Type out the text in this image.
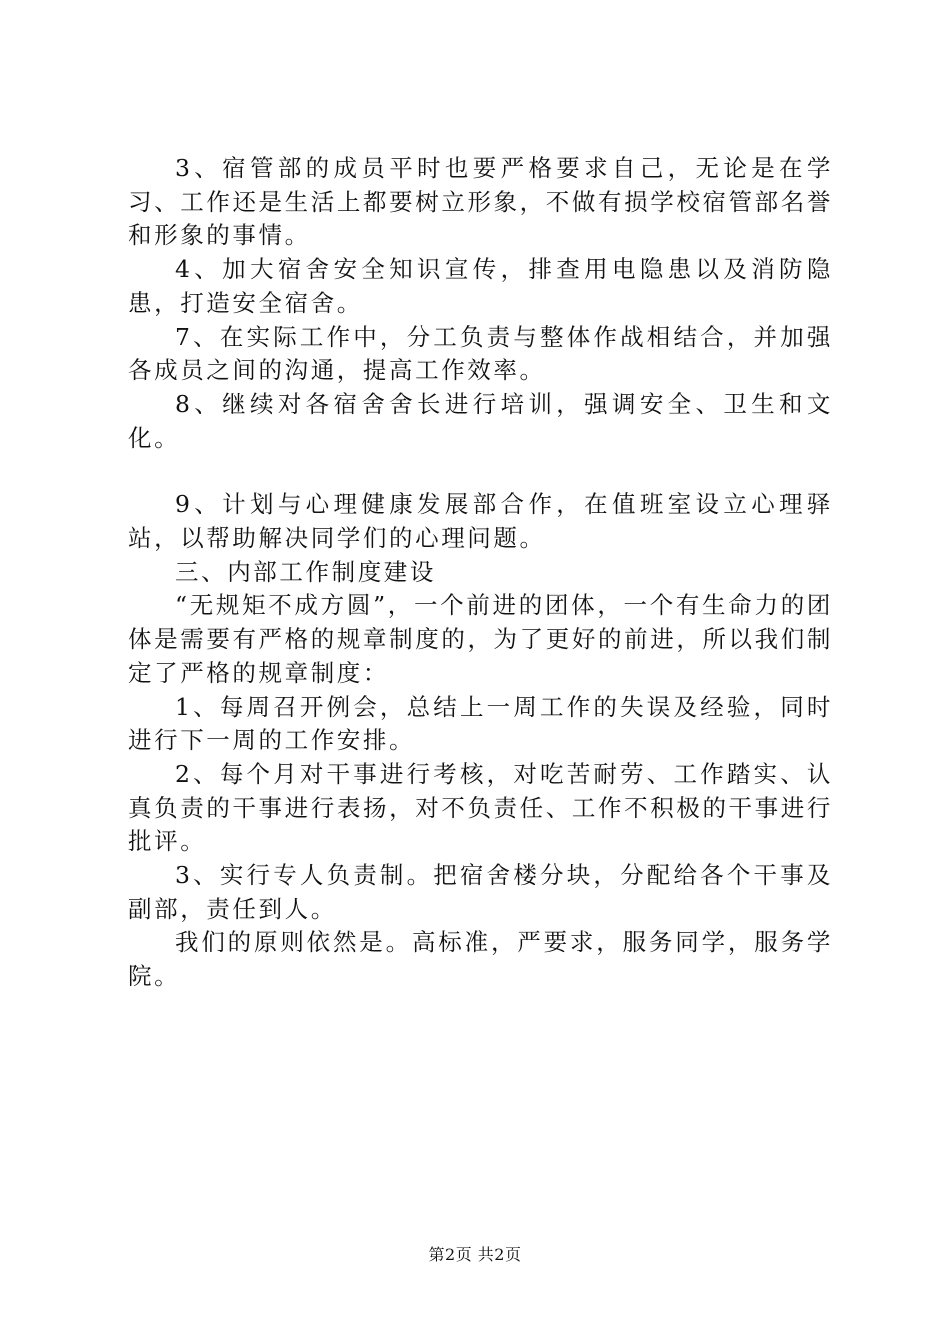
3、宿管部的成员平时也要严格要求自己，无论是在学习、工作还是生活上都要树立形象，不做有损学校宿管部名誉和形象的事情。

4、加大宿舍安全知识宣传，排查用电隐患以及消防隐患，打造安全宿舍。

7、在实际工作中，分工负责与整体作战相结合，并加强各成员之间的沟通，提高工作效率。

8、继续对各宿舍舍长进行培训，强调安全、卫生和文化。

9、计划与心理健康发展部合作，在值班室设立心理驿站，以帮助解决同学们的心理问题。

三、内部工作制度建设

“无规矩不成方圆”，一个前进的团体，一个有生命力的团体是需要有严格的规章制度的，为了更好的前进，所以我们制定了严格的规章制度：

1、每周召开例会，总结上一周工作的失误及经验，同时进行下一周的工作安排。

2、每个月对干事进行考核，对吃苦耐劳、工作踏实、认真负责的干事进行表扬，对不负责任、工作不积极的干事进行批评。

3、实行专人负责制。把宿舍楼分块，分配给各个干事及副部，责任到人。

我们的原则依然是。高标准，严要求，服务同学，服务学院。

第2页 共2页
